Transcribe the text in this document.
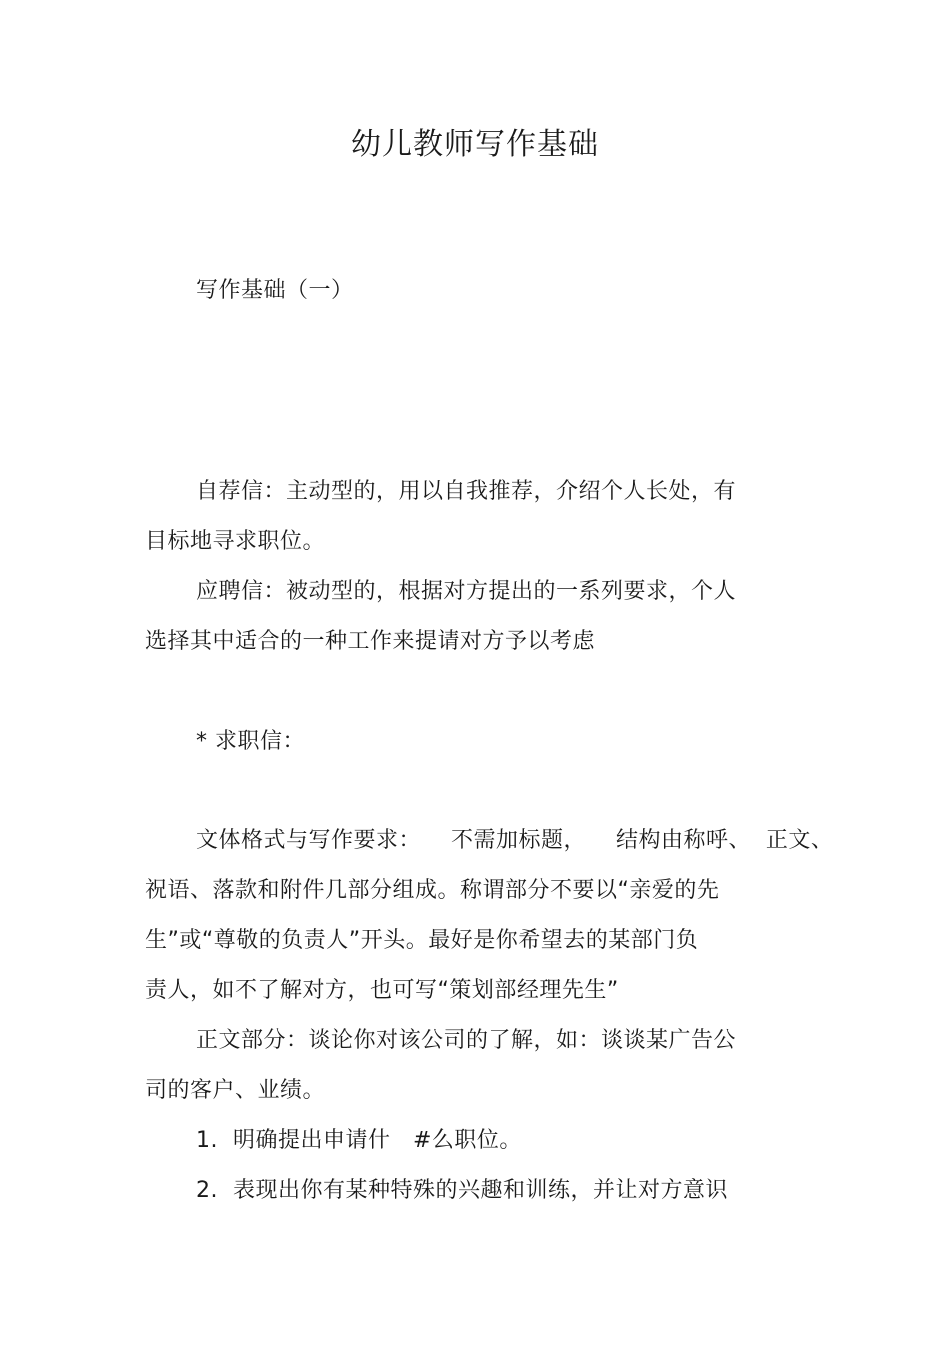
幼儿教师写作基础
写作基础（一）
自荐信：主动型的，用以自我推荐，介绍个人长处，有
目标地寻求职位。
应聘信：被动型的，根据对方提出的一系列要求，个人
选择其中适合的一种工作来提请对方予以考虑
* 求职信：
文体格式与写作要求：    不需加标题，    结构由称呼、  正文、
祝语、落款和附件几部分组成。称谓部分不要以“亲爱的先
生”或“尊敬的负责人”开头。最好是你希望去的某部门负
责人，如不了解对方，也可写“策划部经理先生”
正文部分：谈论你对该公司的了解，如：谈谈某广告公
司的客户、业绩。
1.  明确提出申请什   #么职位。
2.  表现出你有某种特殊的兴趣和训练，并让对方意识
